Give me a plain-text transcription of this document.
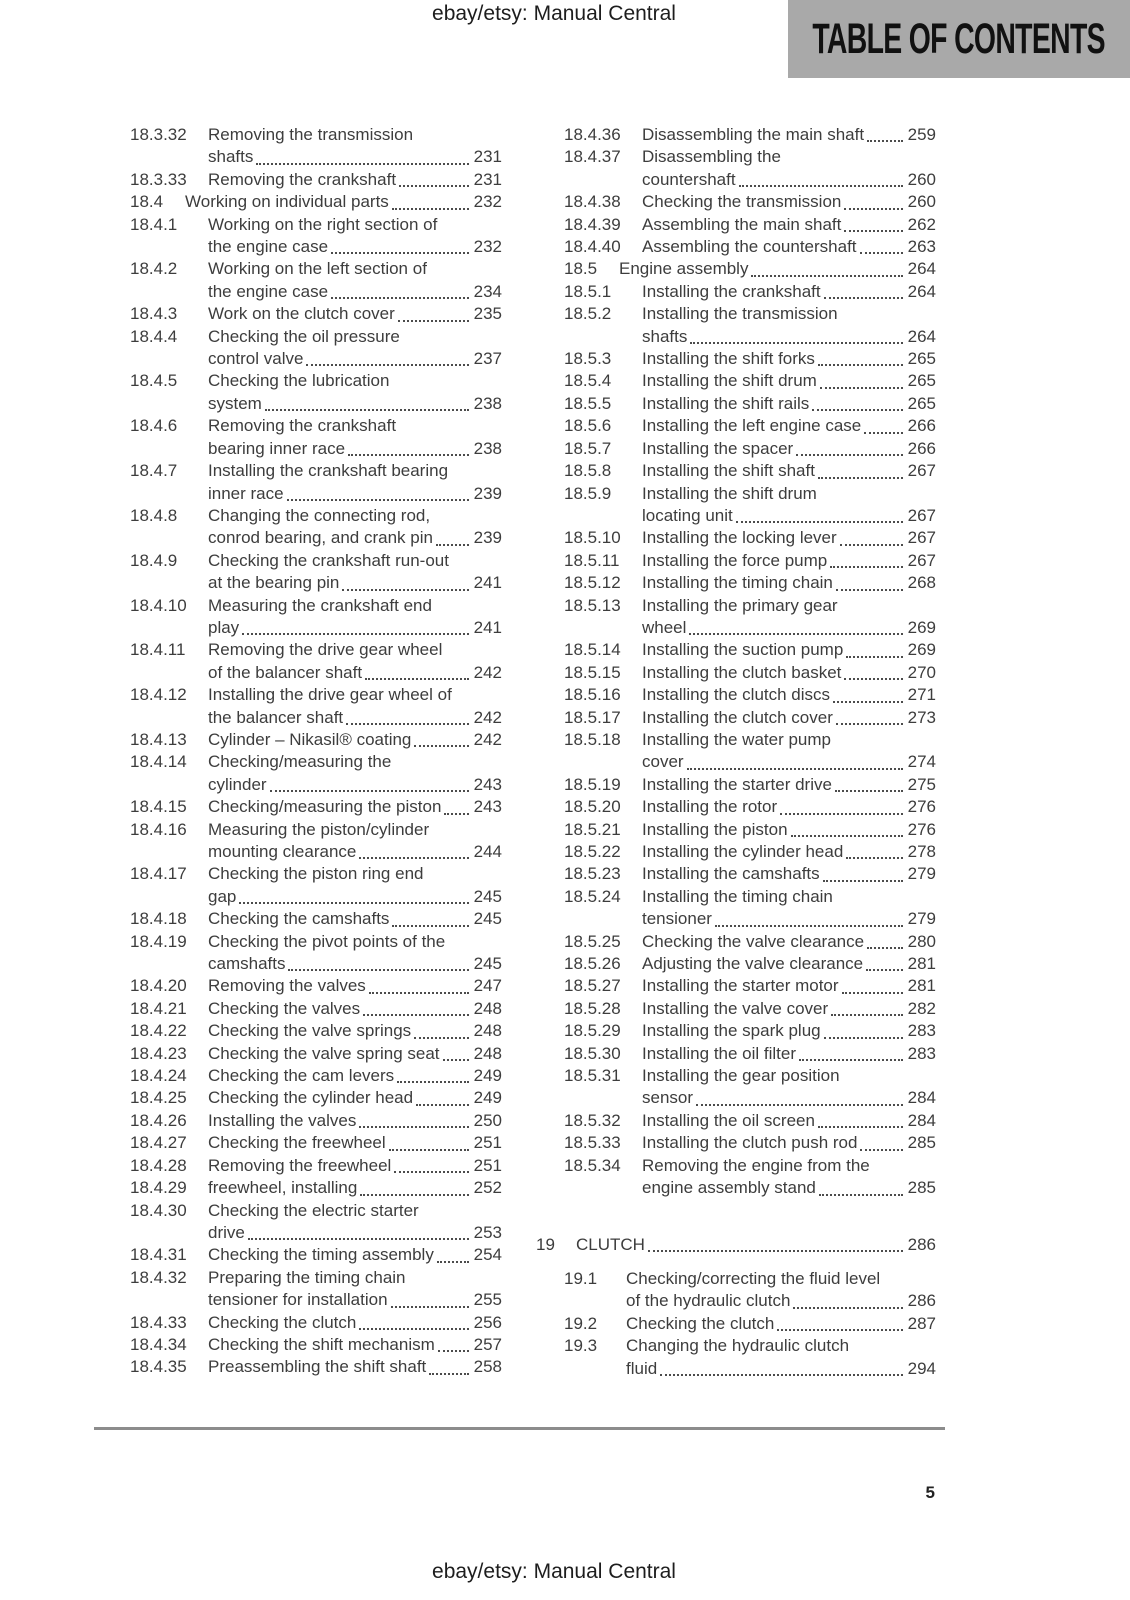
ebay/etsy: Manual Central
TABLE OF CONTENTS
18.3.32	Removing the transmission
shafts	231
18.3.33	Removing the crankshaft	231
18.4	Working on individual parts	232
18.4.1	Working on the right section of
the engine case	232
18.4.2	Working on the left section of
the engine case	234
18.4.3	Work on the clutch cover	235
18.4.4	Checking the oil pressure
control valve	237
18.4.5	Checking the lubrication
system	238
18.4.6	Removing the crankshaft
bearing inner race	238
18.4.7	Installing the crankshaft bearing
inner race	239
18.4.8	Changing the connecting rod,
conrod bearing, and crank pin 239
18.4.9	Checking the crankshaft run-out
at the bearing pin	241
18.4.10	Measuring the crankshaft end
play	241
18.4.11	Removing the drive gear wheel
of the balancer shaft	242
18.4.12	Installing the drive gear wheel of
the balancer shaft	242
18.4.13	Cylinder – Nikasil® coating	242
18.4.14	Checking/measuring the
cylinder	243
18.4.15	Checking/measuring the piston 243
18.4.16	Measuring the piston/cylinder
mounting clearance	244
18.4.17	Checking the piston ring end
gap	245
18.4.18	Checking the camshafts	245
18.4.19	Checking the pivot points of the
camshafts	245
18.4.20	Removing the valves	247
18.4.21	Checking the valves	248
18.4.22	Checking the valve springs	248
18.4.23	Checking the valve spring seat 248
18.4.24	Checking the cam levers	249
18.4.25	Checking the cylinder head	249
18.4.26	Installing the valves	250
18.4.27	Checking the freewheel	251
18.4.28	Removing the freewheel	251
18.4.29	freewheel, installing	252
18.4.30	Checking the electric starter
drive	253
18.4.31	Checking the timing assembly 254
18.4.32	Preparing the timing chain
tensioner for installation	255
18.4.33	Checking the clutch	256
18.4.34	Checking the shift mechanism 257
18.4.35	Preassembling the shift shaft	258
18.4.36	Disassembling the main shaft	259
18.4.37	Disassembling the
countershaft	260
18.4.38	Checking the transmission	260
18.4.39	Assembling the main shaft	262
18.4.40	Assembling the countershaft	263
18.5	Engine assembly	264
18.5.1	Installing the crankshaft	264
18.5.2	Installing the transmission
shafts	264
18.5.3	Installing the shift forks	265
18.5.4	Installing the shift drum	265
18.5.5	Installing the shift rails	265
18.5.6	Installing the left engine case	266
18.5.7	Installing the spacer	266
18.5.8	Installing the shift shaft	267
18.5.9	Installing the shift drum
locating unit	267
18.5.10	Installing the locking lever	267
18.5.11	Installing the force pump	267
18.5.12	Installing the timing chain	268
18.5.13	Installing the primary gear
wheel	269
18.5.14	Installing the suction pump	269
18.5.15	Installing the clutch basket	270
18.5.16	Installing the clutch discs	271
18.5.17	Installing the clutch cover	273
18.5.18	Installing the water pump
cover	274
18.5.19	Installing the starter drive	275
18.5.20	Installing the rotor	276
18.5.21	Installing the piston	276
18.5.22	Installing the cylinder head	278
18.5.23	Installing the camshafts	279
18.5.24	Installing the timing chain
tensioner	279
18.5.25	Checking the valve clearance	280
18.5.26	Adjusting the valve clearance	281
18.5.27	Installing the starter motor	281
18.5.28	Installing the valve cover	282
18.5.29	Installing the spark plug	283
18.5.30	Installing the oil filter	283
18.5.31	Installing the gear position
sensor	284
18.5.32	Installing the oil screen	284
18.5.33	Installing the clutch push rod	285
18.5.34	Removing the engine from the
engine assembly stand	285
19	CLUTCH	286
19.1	Checking/correcting the fluid level
of the hydraulic clutch	286
19.2	Checking the clutch	287
19.3	Changing the hydraulic clutch
fluid	294
5
ebay/etsy: Manual Central
